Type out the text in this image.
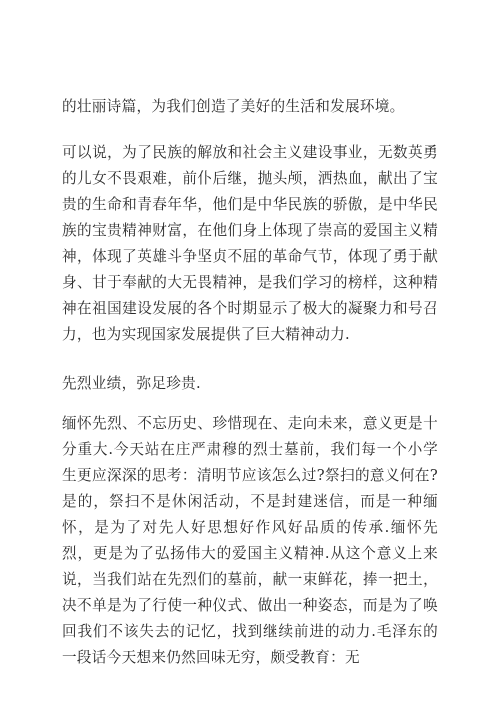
的壮丽诗篇，为我们创造了美好的生活和发展环境。

可以说，为了民族的解放和社会主义建设事业，无数英勇的儿女不畏艰难，前仆后继，抛头颅，洒热血，献出了宝贵的生命和青春年华，他们是中华民族的骄傲，是中华民族的宝贵精神财富，在他们身上体现了崇高的爱国主义精神，体现了英雄斗争坚贞不屈的革命气节，体现了勇于献身、甘于奉献的大无畏精神，是我们学习的榜样，这种精神在祖国建设发展的各个时期显示了极大的凝聚力和号召力，也为实现国家发展提供了巨大精神动力.

先烈业绩，弥足珍贵.

缅怀先烈、不忘历史、珍惜现在、走向未来，意义更是十分重大.今天站在庄严肃穆的烈士墓前，我们每一个小学生更应深深的思考：清明节应该怎么过?祭扫的意义何在?是的，祭扫不是休闲活动，不是封建迷信，而是一种缅怀，是为了对先人好思想好作风好品质的传承.缅怀先烈，更是为了弘扬伟大的爱国主义精神.从这个意义上来说，当我们站在先烈们的墓前，献一束鲜花，捧一把土，决不单是为了行使一种仪式、做出一种姿态，而是为了唤回我们不该失去的记忆，找到继续前进的动力.毛泽东的一段话今天想来仍然回味无穷，颇受教育：无
